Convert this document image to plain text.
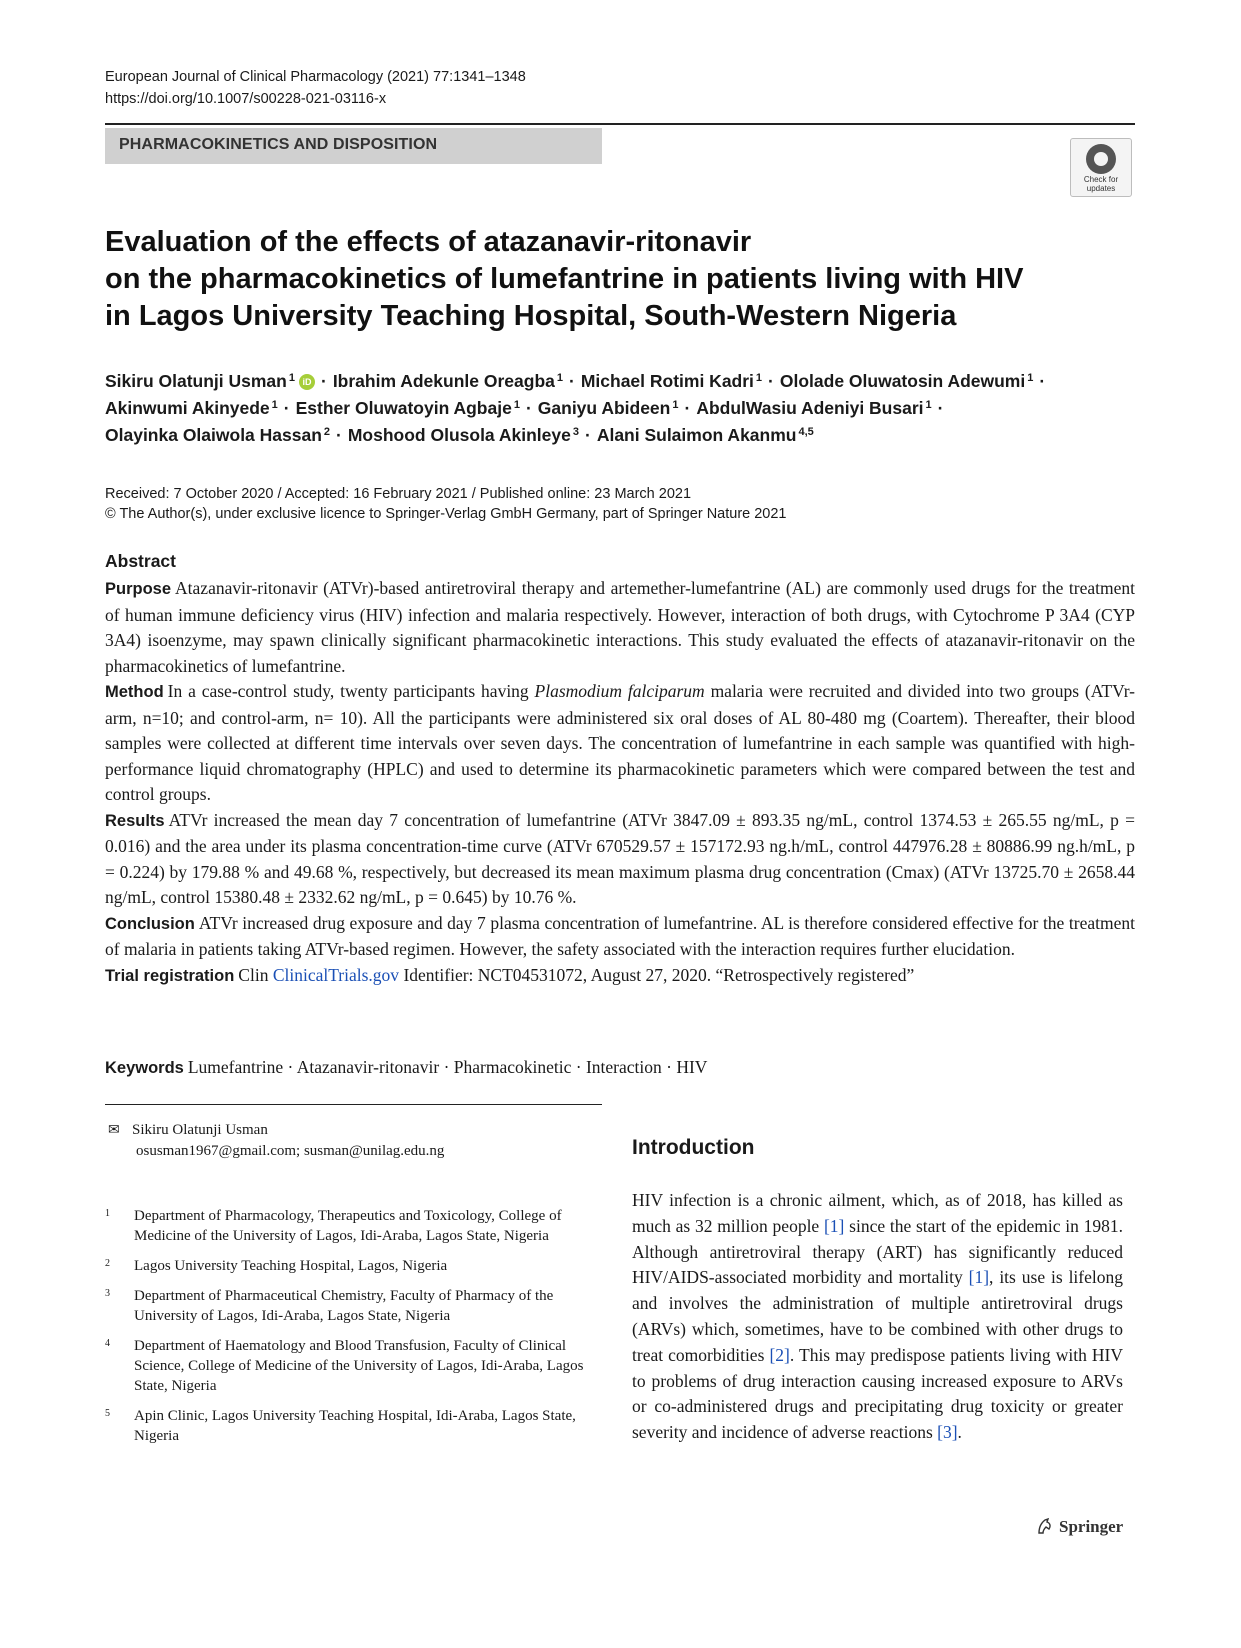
European Journal of Clinical Pharmacology (2021) 77:1341–1348
https://doi.org/10.1007/s00228-021-03116-x
PHARMACOKINETICS AND DISPOSITION
Check for
updates
Evaluation of the effects of atazanavir-ritonavir
on the pharmacokinetics of lumefantrine in patients living with HIV
in Lagos University Teaching Hospital, South-Western Nigeria
Sikiru Olatunji Usman $^1$ iD · Ibrahim Adekunle Oreagba $^1$ · Michael Rotimi Kadri $^1$ · Ololade Oluwatosin Adewumi $^1$ ·
Akinwumi Akinyede $^1$ · Esther Oluwatoyin Agbaje $^1$ · Ganiyu Abideen $^1$ · AbdulWasiu Adeniyi Busari $^1$ ·
Olayinka Olaiwola Hassan $^2$ · Moshood Olusola Akinleye $^3$ · Alani Sulaimon Akanmu $^{4,5}$
Received: 7 October 2020 / Accepted: 16 February 2021 / Published online: 23 March 2021
© The Author(s), under exclusive licence to Springer-Verlag GmbH Germany, part of Springer Nature 2021
Abstract

Purpose Atazanavir-ritonavir (ATVr)-based antiretroviral therapy and artemether-lumefantrine (AL) are commonly used drugs for the treatment of human immune deficiency virus (HIV) infection and malaria respectively. However, interaction of both drugs, with Cytochrome P 3A4 (CYP 3A4) isoenzyme, may spawn clinically significant pharmacokinetic interactions. This study evaluated the effects of atazanavir-ritonavir on the pharmacokinetics of lumefantrine.

Method In a case-control study, twenty participants having Plasmodium falciparum malaria were recruited and divided into two groups (ATVr-arm, n=10; and control-arm, n= 10). All the participants were administered six oral doses of AL 80-480 mg (Coartem). Thereafter, their blood samples were collected at different time intervals over seven days. The concentration of lumefantrine in each sample was quantified with high-performance liquid chromatography (HPLC) and used to determine its pharmacokinetic parameters which were compared between the test and control groups.

Results ATVr increased the mean day 7 concentration of lumefantrine (ATVr 3847.09 ± 893.35 ng/mL, control 1374.53 ± 265.55 ng/mL, p = 0.016) and the area under its plasma concentration-time curve (ATVr 670529.57 ± 157172.93 ng.h/mL, control 447976.28 ± 80886.99 ng.h/mL, p = 0.224) by 179.88 % and 49.68 %, respectively, but decreased its mean maximum plasma drug concentration (Cmax) (ATVr 13725.70 ± 2658.44 ng/mL, control 15380.48 ± 2332.62 ng/mL, p = 0.645) by 10.76 %.

Conclusion ATVr increased drug exposure and day 7 plasma concentration of lumefantrine. AL is therefore considered effective for the treatment of malaria in patients taking ATVr-based regimen. However, the safety associated with the interaction requires further elucidation.

Trial registration Clin ClinicalTrials.gov Identifier: NCT04531072, August 27, 2020. “Retrospectively registered”

Keywords Lumefantrine · Atazanavir-ritonavir · Pharmacokinetic · Interaction · HIV
✉ Sikiru Olatunji Usman
osusman1967@gmail.com; susman@unilag.edu.ng
1 Department of Pharmacology, Therapeutics and Toxicology, College of Medicine of the University of Lagos, Idi-Araba, Lagos State, Nigeria
2 Lagos University Teaching Hospital, Lagos, Nigeria
3 Department of Pharmaceutical Chemistry, Faculty of Pharmacy of the University of Lagos, Idi-Araba, Lagos State, Nigeria
4 Department of Haematology and Blood Transfusion, Faculty of Clinical Science, College of Medicine of the University of Lagos, Idi-Araba, Lagos State, Nigeria
5 Apin Clinic, Lagos University Teaching Hospital, Idi-Araba, Lagos State, Nigeria
Introduction

HIV infection is a chronic ailment, which, as of 2018, has killed as much as 32 million people [1] since the start of the epidemic in 1981. Although antiretroviral therapy (ART) has significantly reduced HIV/AIDS-associated morbidity and mortality [1], its use is lifelong and involves the administration of multiple antiretroviral drugs (ARVs) which, sometimes, have to be combined with other drugs to treat comorbidities [2]. This may predispose patients living with HIV to problems of drug interaction causing increased exposure to ARVs or co-administered drugs and precipitating drug toxicity or greater severity and incidence of adverse reactions [3].

Springer
